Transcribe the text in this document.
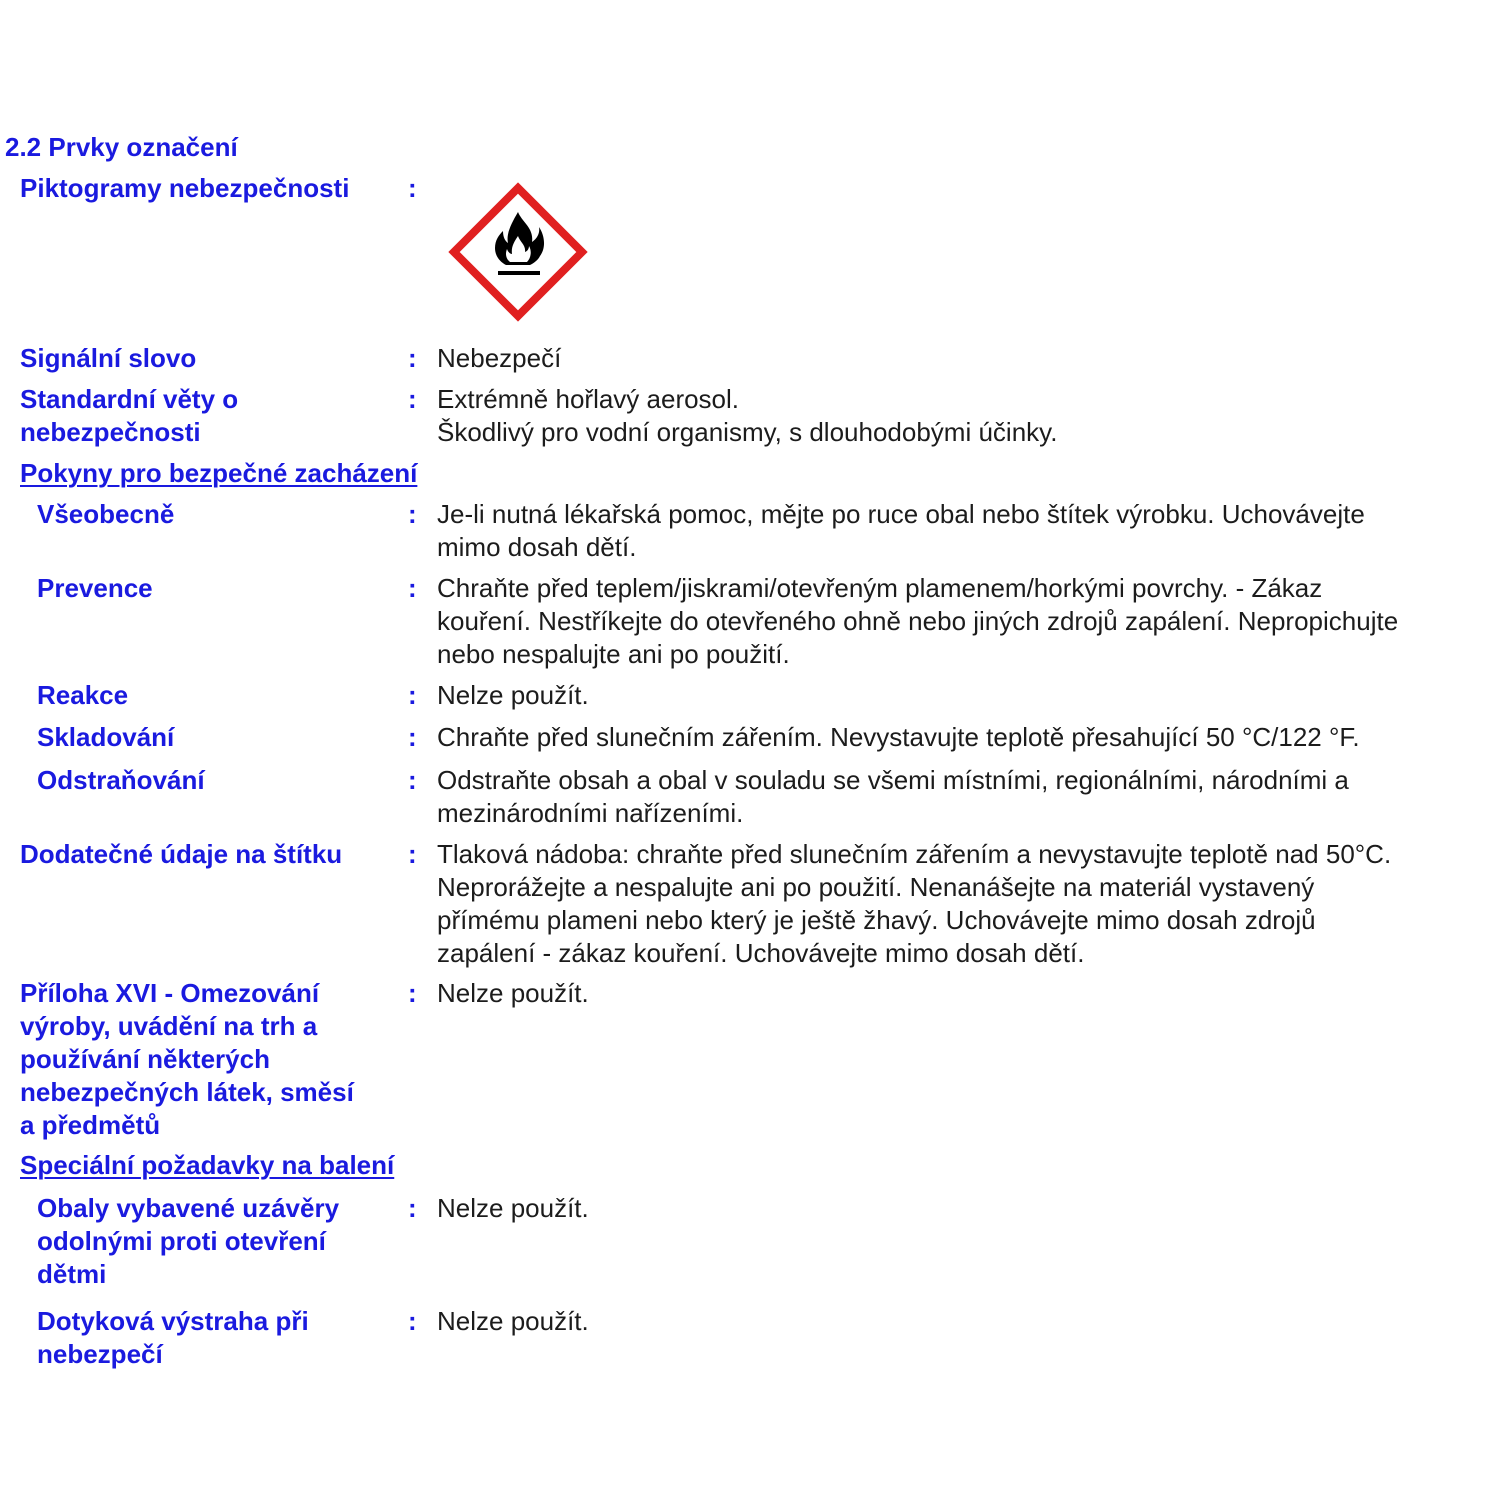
2.2 Prvky označení
Piktogramy nebezpečnosti	:
Signální slovo	: Nebezpečí
Standardní věty o
nebezpečnosti
: Extrémně hořlavý aerosol.
Škodlivý pro vodní organismy, s dlouhodobými účinky.
Pokyny pro bezpečné zacházení
Všeobecně	: Je-li nutná lékařská pomoc, mějte po ruce obal nebo štítek výrobku. Uchovávejte
mimo dosah dětí.
Prevence	: Chraňte před teplem/jiskrami/otevřeným plamenem/horkými povrchy. - Zákaz
kouření. Nestříkejte do otevřeného ohně nebo jiných zdrojů zapálení. Nepropichujte
nebo nespalujte ani po použití.
Reakce	: Nelze použít.
Skladování	: Chraňte před slunečním zářením. Nevystavujte teplotě přesahující 50 °C/122 °F.
Odstraňování	: Odstraňte obsah a obal v souladu se všemi místními, regionálními, národními a
mezinárodními nařízeními.
Dodatečné údaje na štítku	: Tlaková nádoba: chraňte před slunečním zářením a nevystavujte teplotě nad 50°C.
Neprorážejte a nespalujte ani po použití. Nenanášejte na materiál vystavený
přímému plameni nebo který je ještě žhavý. Uchovávejte mimo dosah zdrojů
zapálení - zákaz kouření. Uchovávejte mimo dosah dětí.
Příloha XVI - Omezování
výroby, uvádění na trh a
používání některých
nebezpečných látek, směsí
a předmětů
: Nelze použít.
Speciální požadavky na balení
Obaly vybavené uzávěry
odolnými proti otevření
dětmi
: Nelze použít.
Dotyková výstraha při
nebezpečí
: Nelze použít.
